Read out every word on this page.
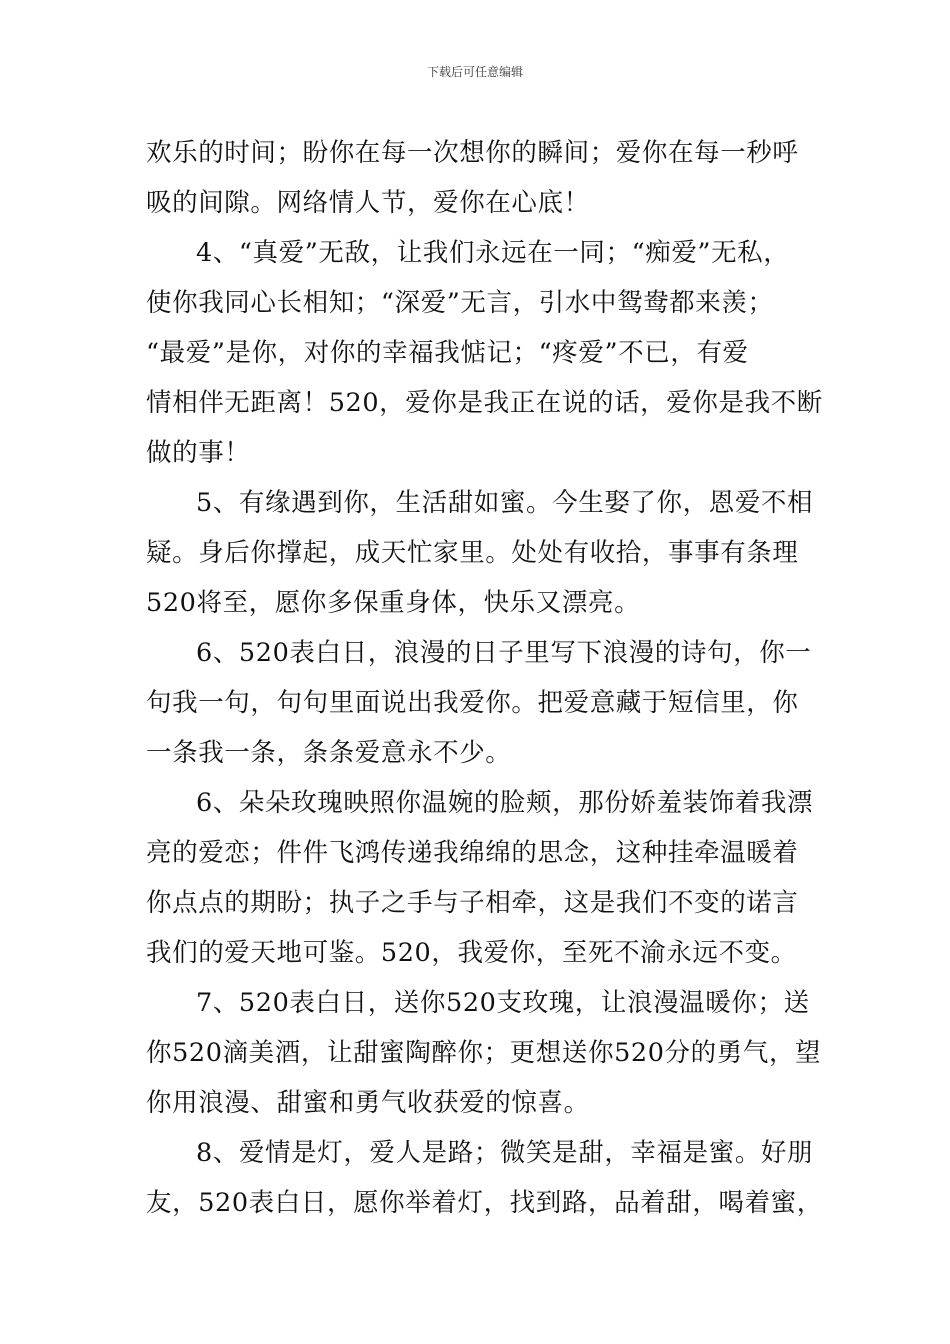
下载后可任意编辑
欢乐的时间；盼你在每一次想你的瞬间；爱你在每一秒呼
吸的间隙。网络情人节，爱你在心底！
4、“真爱”无敌，让我们永远在一同；“痴爱”无私，
使你我同心长相知；“深爱”无言，引水中鸳鸯都来羡；
“最爱”是你，对你的幸福我惦记；“疼爱”不已，有爱
情相伴无距离！520，爱你是我正在说的话，爱你是我不断
做的事！
5、有缘遇到你，生活甜如蜜。今生娶了你，恩爱不相
疑。身后你撑起，成天忙家里。处处有收拾，事事有条理
520将至，愿你多保重身体，快乐又漂亮。
6、520表白日，浪漫的日子里写下浪漫的诗句，你一
句我一句，句句里面说出我爱你。把爱意藏于短信里，你
一条我一条，条条爱意永不少。
6、朵朵玫瑰映照你温婉的脸颊，那份娇羞装饰着我漂
亮的爱恋；件件飞鸿传递我绵绵的思念，这种挂牵温暖着
你点点的期盼；执子之手与子相牵，这是我们不变的诺言
我们的爱天地可鉴。520，我爱你，至死不渝永远不变。
7、520表白日，送你520支玫瑰，让浪漫温暖你；送
你520滴美酒，让甜蜜陶醉你；更想送你520分的勇气，望
你用浪漫、甜蜜和勇气收获爱的惊喜。
8、爱情是灯，爱人是路；微笑是甜，幸福是蜜。好朋
友，520表白日，愿你举着灯，找到路，品着甜，喝着蜜，
